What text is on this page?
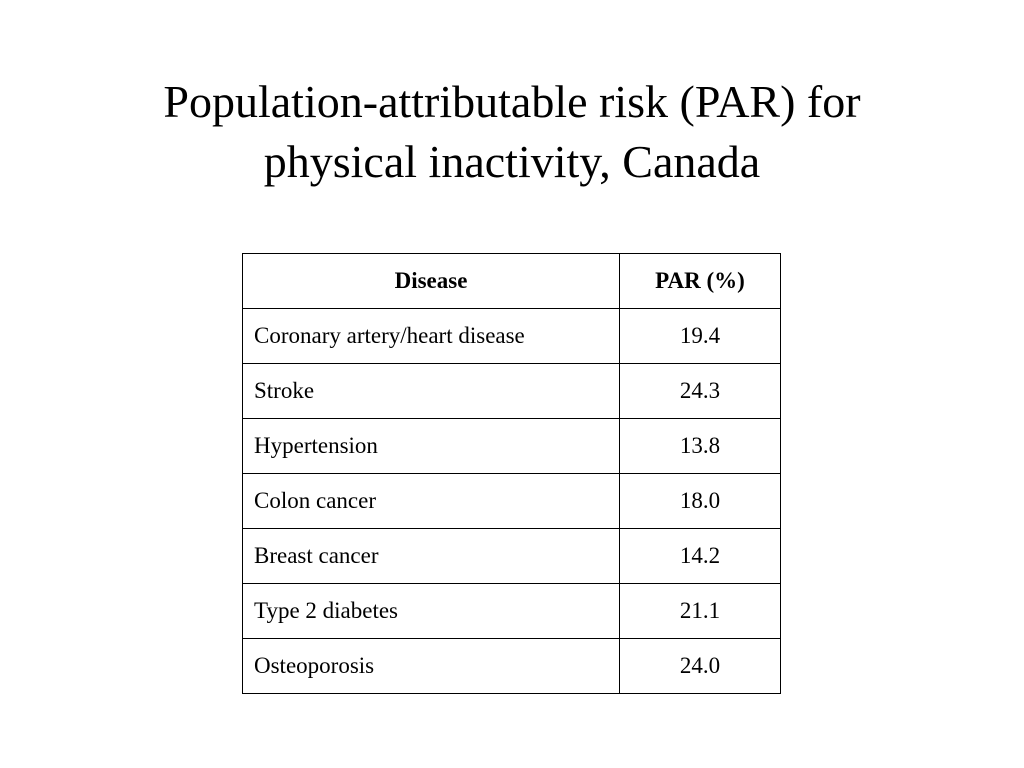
Population-attributable risk (PAR) for
physical inactivity, Canada
Disease	PAR (%)
Coronary artery/heart disease	19.4
Stroke	24.3
Hypertension	13.8
Colon cancer	18.0
Breast cancer	14.2
Type 2 diabetes	21.1
Osteoporosis	24.0
